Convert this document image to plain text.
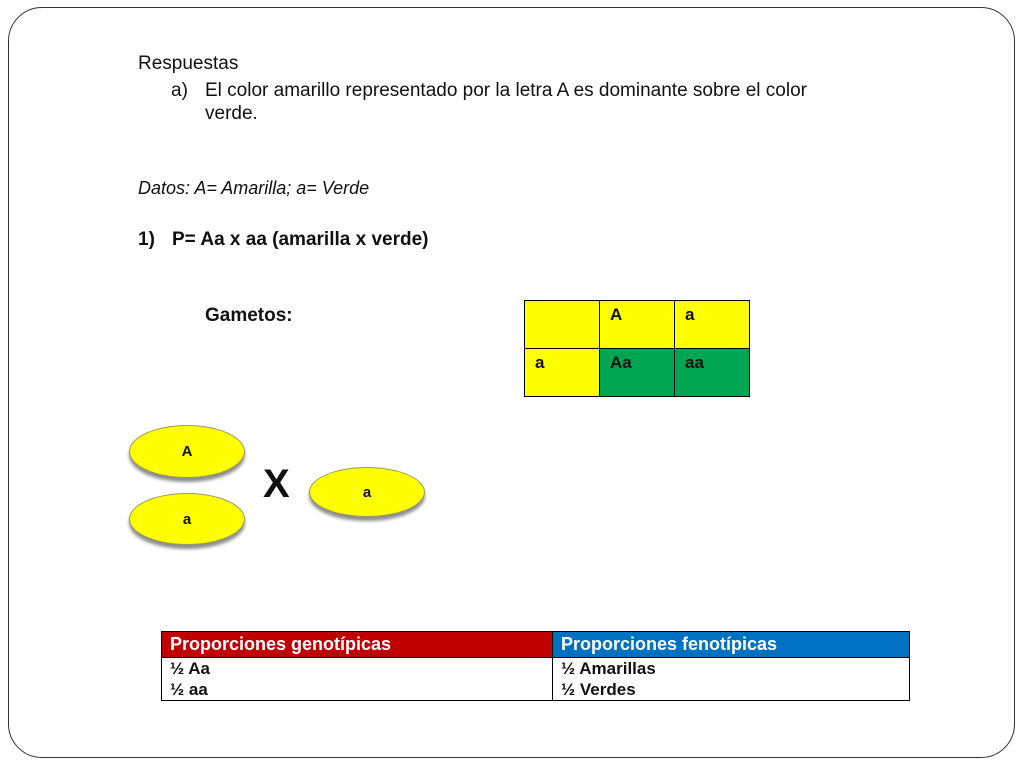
Respuestas
a) El color amarillo representado por la letra A es dominante sobre el color
verde.
Datos: A= Amarilla; a= Verde
1) P= Aa x aa (amarilla x verde)
Gametos:
		A	a
a	Aa	aa
A
a
X	a
Proporciones genotípicas	Proporciones fenotípicas
½ Aa	½ Amarillas
½ aa	½ Verdes
